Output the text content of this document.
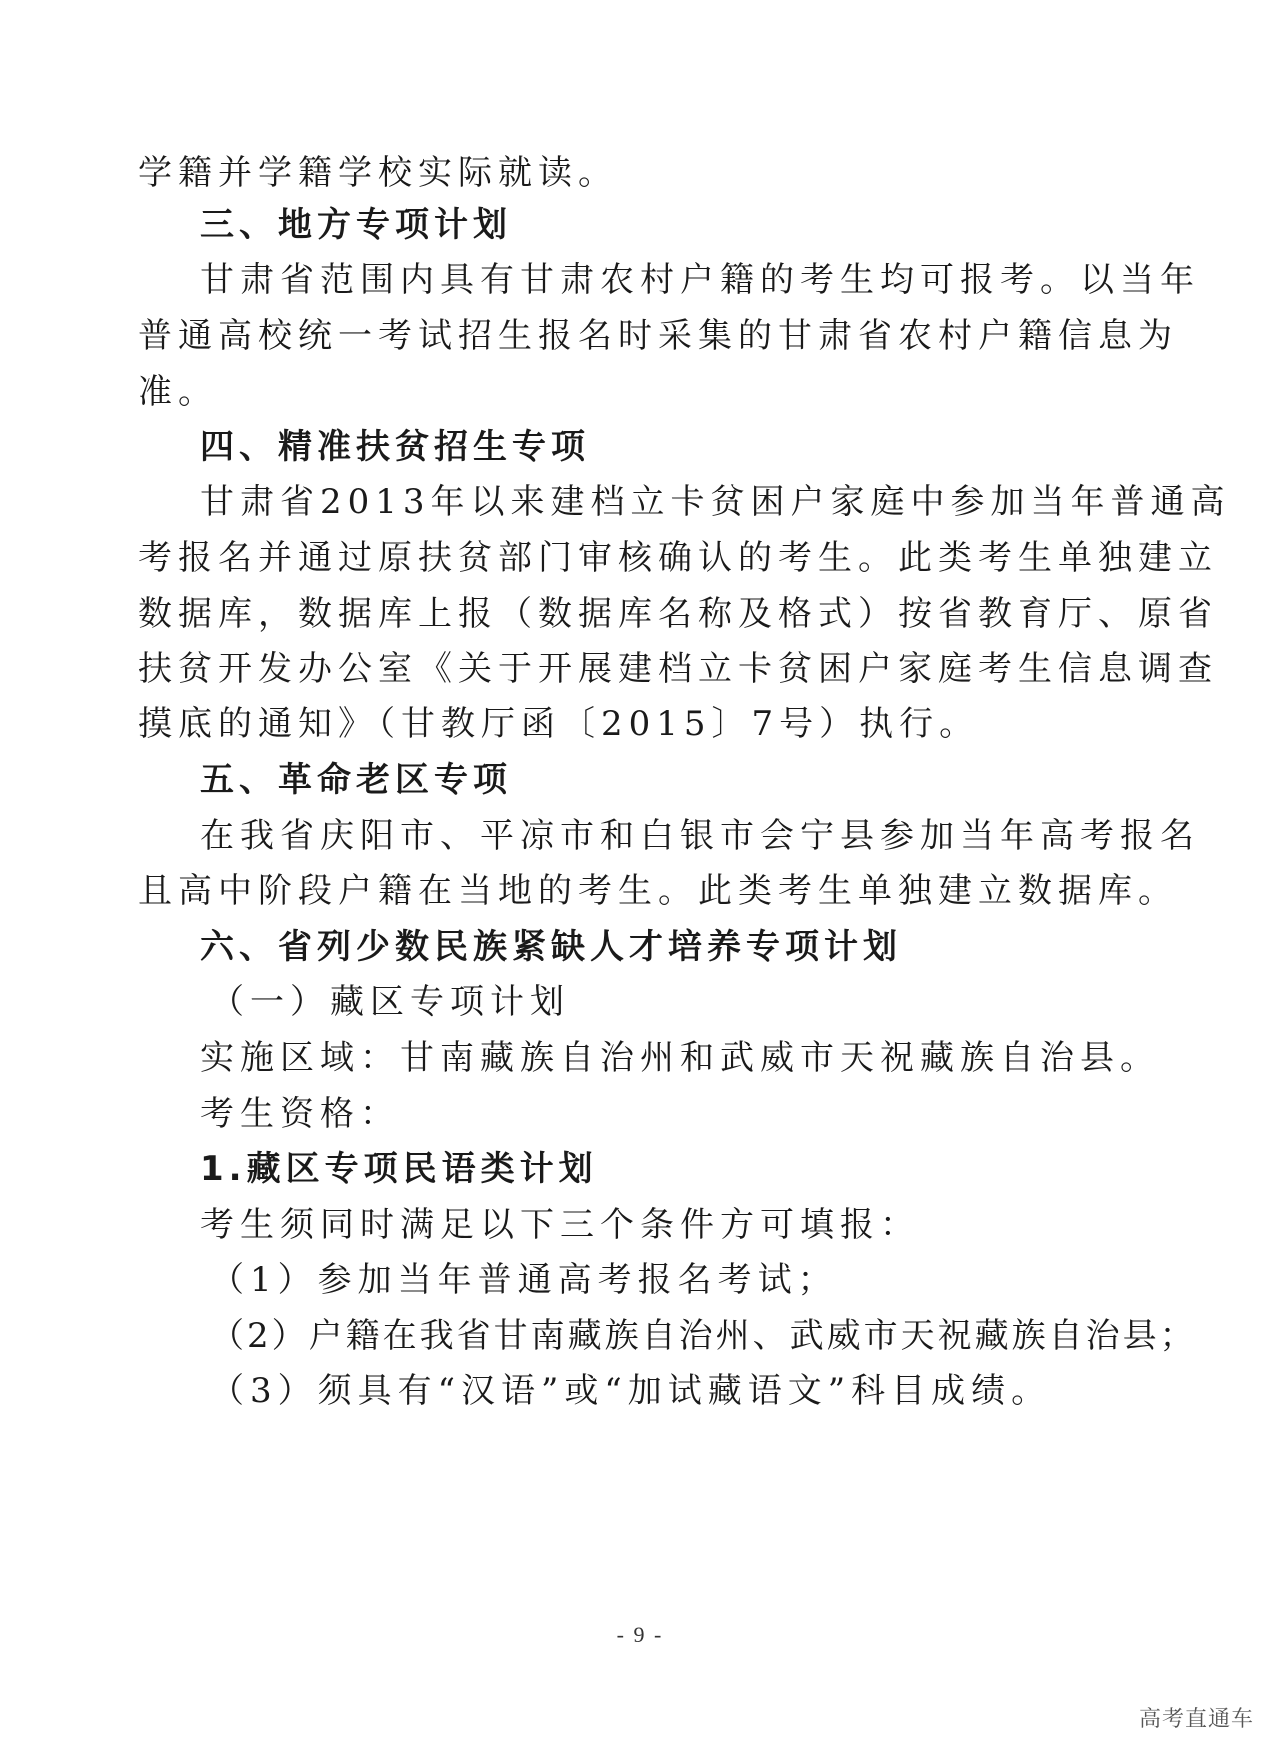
学籍并学籍学校实际就读。
三、地方专项计划
甘肃省范围内具有甘肃农村户籍的考生均可报考。以当年
普通高校统一考试招生报名时采集的甘肃省农村户籍信息为
准。
四、精准扶贫招生专项
甘肃省2013年以来建档立卡贫困户家庭中参加当年普通高
考报名并通过原扶贫部门审核确认的考生。此类考生单独建立
数据库，数据库上报（数据库名称及格式）按省教育厅、原省
扶贫开发办公室《关于开展建档立卡贫困户家庭考生信息调查
摸底的通知》（甘教厅函〔2015〕7号）执行。
五、革命老区专项
在我省庆阳市、平凉市和白银市会宁县参加当年高考报名
且高中阶段户籍在当地的考生。此类考生单独建立数据库。
六、省列少数民族紧缺人才培养专项计划
（一）藏区专项计划
实施区域：甘南藏族自治州和武威市天祝藏族自治县。
考生资格：
1.藏区专项民语类计划
考生须同时满足以下三个条件方可填报：
（1）参加当年普通高考报名考试；
（2）户籍在我省甘南藏族自治州、武威市天祝藏族自治县；
（3）须具有“汉语”或“加试藏语文”科目成绩。
- 9 -
高考直通车
